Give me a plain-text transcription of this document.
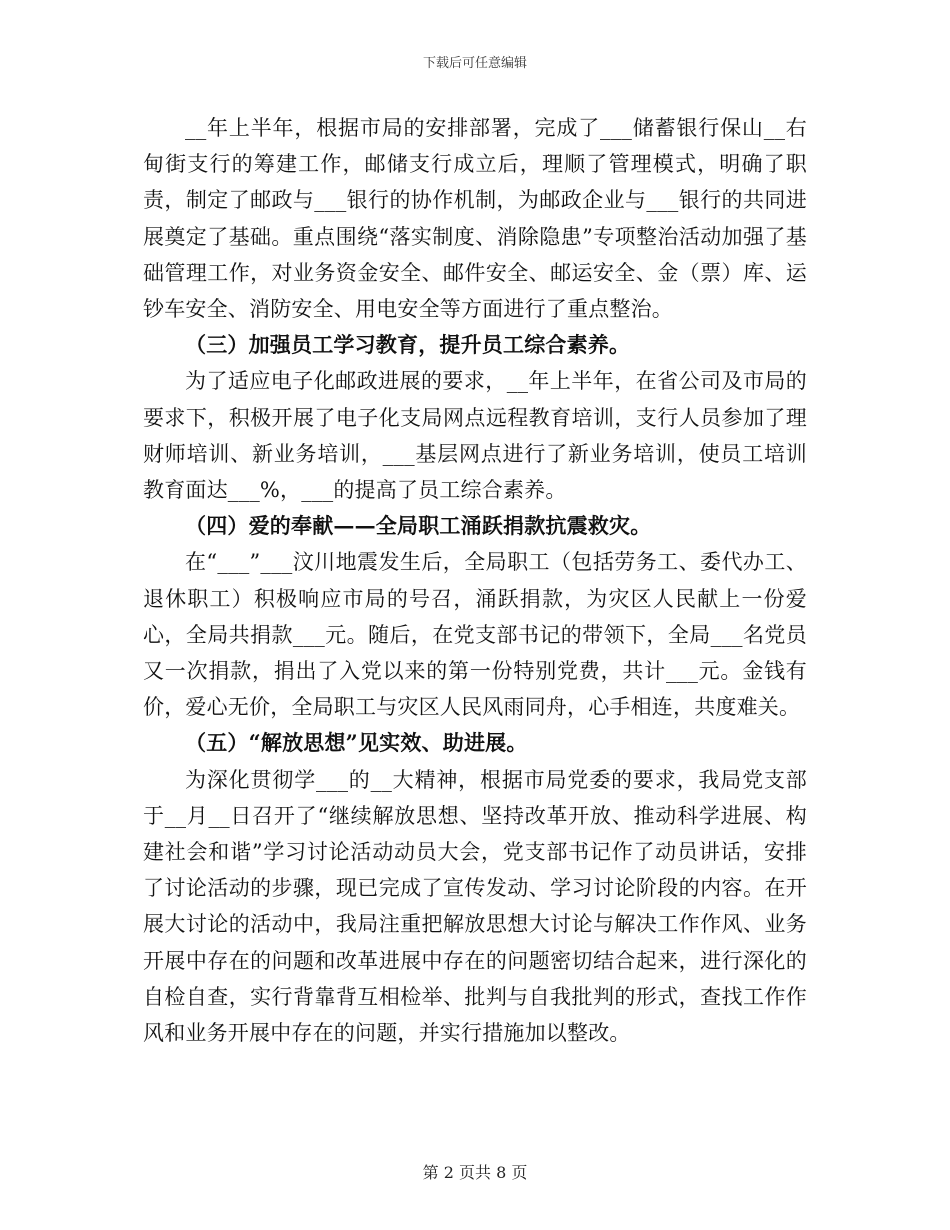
下载后可任意编辑

__年上半年，根据市局的安排部署，完成了___储蓄银行保山__右甸街支行的筹建工作，邮储支行成立后，理顺了管理模式，明确了职责，制定了邮政与___银行的协作机制，为邮政企业与___银行的共同进展奠定了基础。重点围绕“落实制度、消除隐患”专项整治活动加强了基础管理工作，对业务资金安全、邮件安全、邮运安全、金（票）库、运钞车安全、消防安全、用电安全等方面进行了重点整治。

（三）加强员工学习教育，提升员工综合素养。

为了适应电子化邮政进展的要求，__年上半年，在省公司及市局的要求下，积极开展了电子化支局网点远程教育培训，支行人员参加了理财师培训、新业务培训，___基层网点进行了新业务培训，使员工培训教育面达___%，___的提高了员工综合素养。

（四）爱的奉献——全局职工涌跃捐款抗震救灾。

在“___”___汶川地震发生后，全局职工（包括劳务工、委代办工、退休职工）积极响应市局的号召，涌跃捐款，为灾区人民献上一份爱心，全局共捐款___元。随后，在党支部书记的带领下，全局___名党员又一次捐款，捐出了入党以来的第一份特别党费，共计___元。金钱有价，爱心无价，全局职工与灾区人民风雨同舟，心手相连，共度难关。

（五）“解放思想”见实效、助进展。

为深化贯彻学___的__大精神，根据市局党委的要求，我局党支部于__月__日召开了“继续解放思想、坚持改革开放、推动科学进展、构建社会和谐”学习讨论活动动员大会，党支部书记作了动员讲话，安排了讨论活动的步骤，现已完成了宣传发动、学习讨论阶段的内容。在开展大讨论的活动中，我局注重把解放思想大讨论与解决工作作风、业务开展中存在的问题和改革进展中存在的问题密切结合起来，进行深化的自检自查，实行背靠背互相检举、批判与自我批判的形式，查找工作作风和业务开展中存在的问题，并实行措施加以整改。

第 2 页共 8 页
